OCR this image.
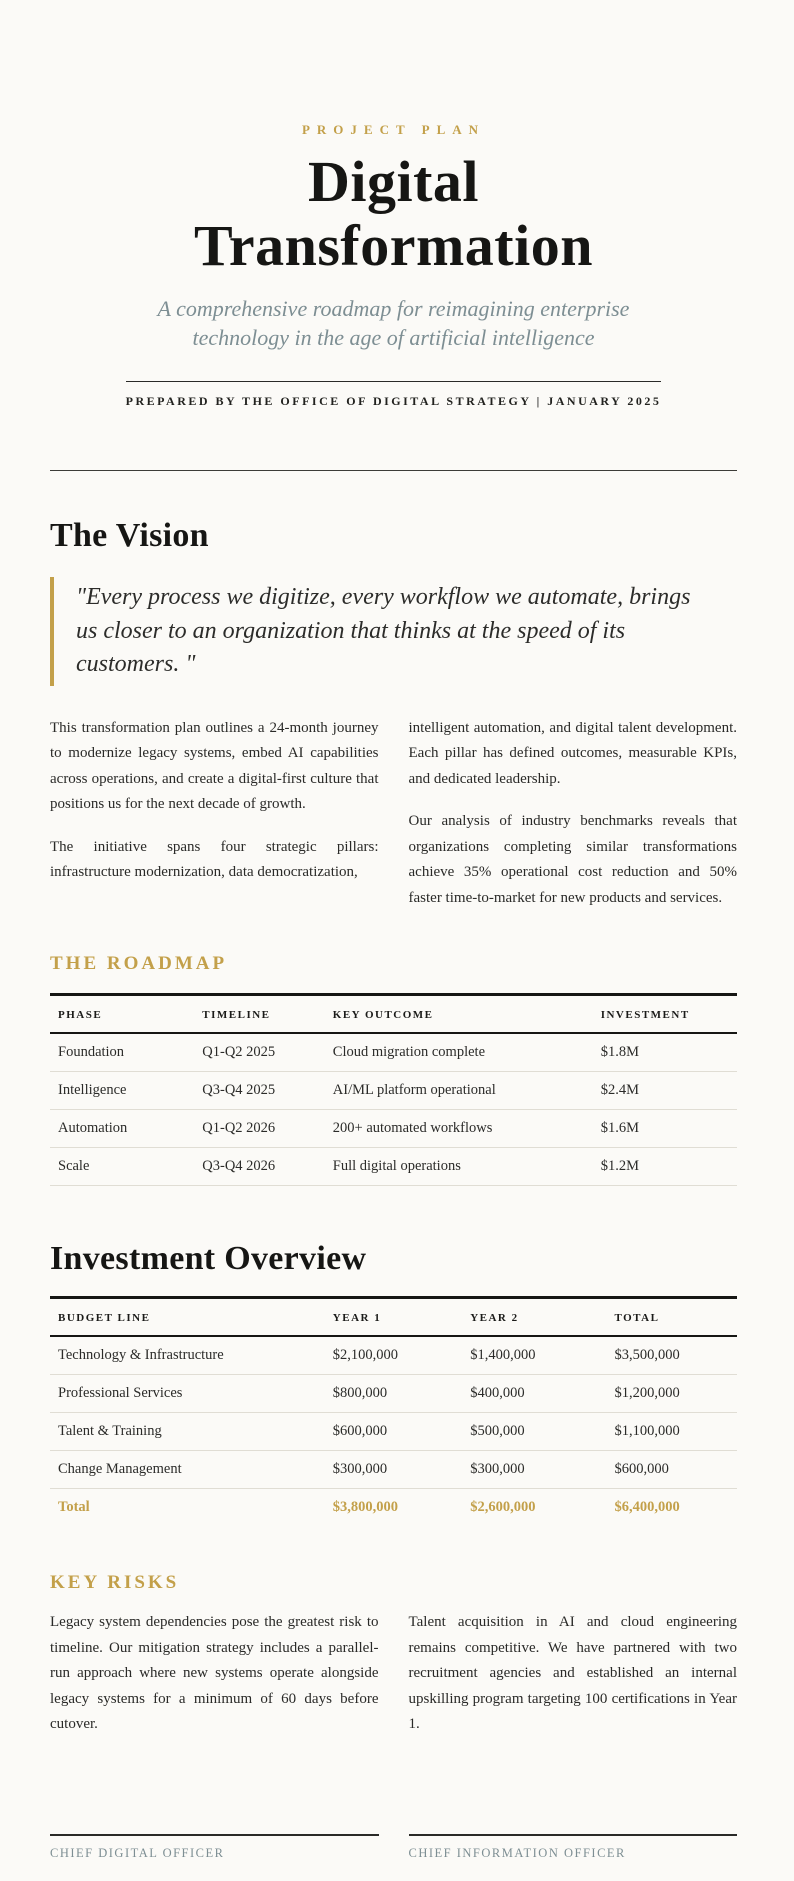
PROJECT PLAN
Digital
Transformation

A comprehensive roadmap for reimagining enterprise technology in the age of artificial intelligence

PREPARED BY THE OFFICE OF DIGITAL STRATEGY | JANUARY 2025
The Vision
"Every process we digitize, every workflow we automate, brings us closer to an organization that thinks at the speed of its customers. "

This transformation plan outlines a 24-month journey to modernize legacy systems, embed AI capabilities across operations, and create a digital-first culture that positions us for the next decade of growth.

The initiative spans four strategic pillars: infrastructure modernization, data democratization,

intelligent automation, and digital talent development. Each pillar has defined outcomes, measurable KPIs, and dedicated leadership.

Our analysis of industry benchmarks reveals that organizations completing similar transformations achieve 35% operational cost reduction and 50% faster time-to-market for new products and services.

THE ROADMAP
PHASE	TIMELINE	KEY OUTCOME	INVESTMENT
Foundation	Q1-Q2 2025	Cloud migration complete	$1.8M
Intelligence	Q3-Q4 2025	AI/ML platform operational	$2.4M
Automation	Q1-Q2 2026	200+ automated workflows	$1.6M
Scale	Q3-Q4 2026	Full digital operations	$1.2M
Investment Overview
BUDGET LINE	YEAR 1	YEAR 2	TOTAL
Technology & Infrastructure	$2,100,000	$1,400,000	$3,500,000
Professional Services	$800,000	$400,000	$1,200,000
Talent & Training	$600,000	$500,000	$1,100,000
Change Management	$300,000	$300,000	$600,000
Total	$3,800,000	$2,600,000	$6,400,000
KEY RISKS

Legacy system dependencies pose the greatest risk to timeline. Our mitigation strategy includes a parallel-run approach where new systems operate alongside legacy systems for a minimum of 60 days before cutover.

Talent acquisition in AI and cloud engineering remains competitive. We have partnered with two recruitment agencies and established an internal upskilling program targeting 100 certifications in Year 1.

CHIEF DIGITAL OFFICER	CHIEF INFORMATION OFFICER
